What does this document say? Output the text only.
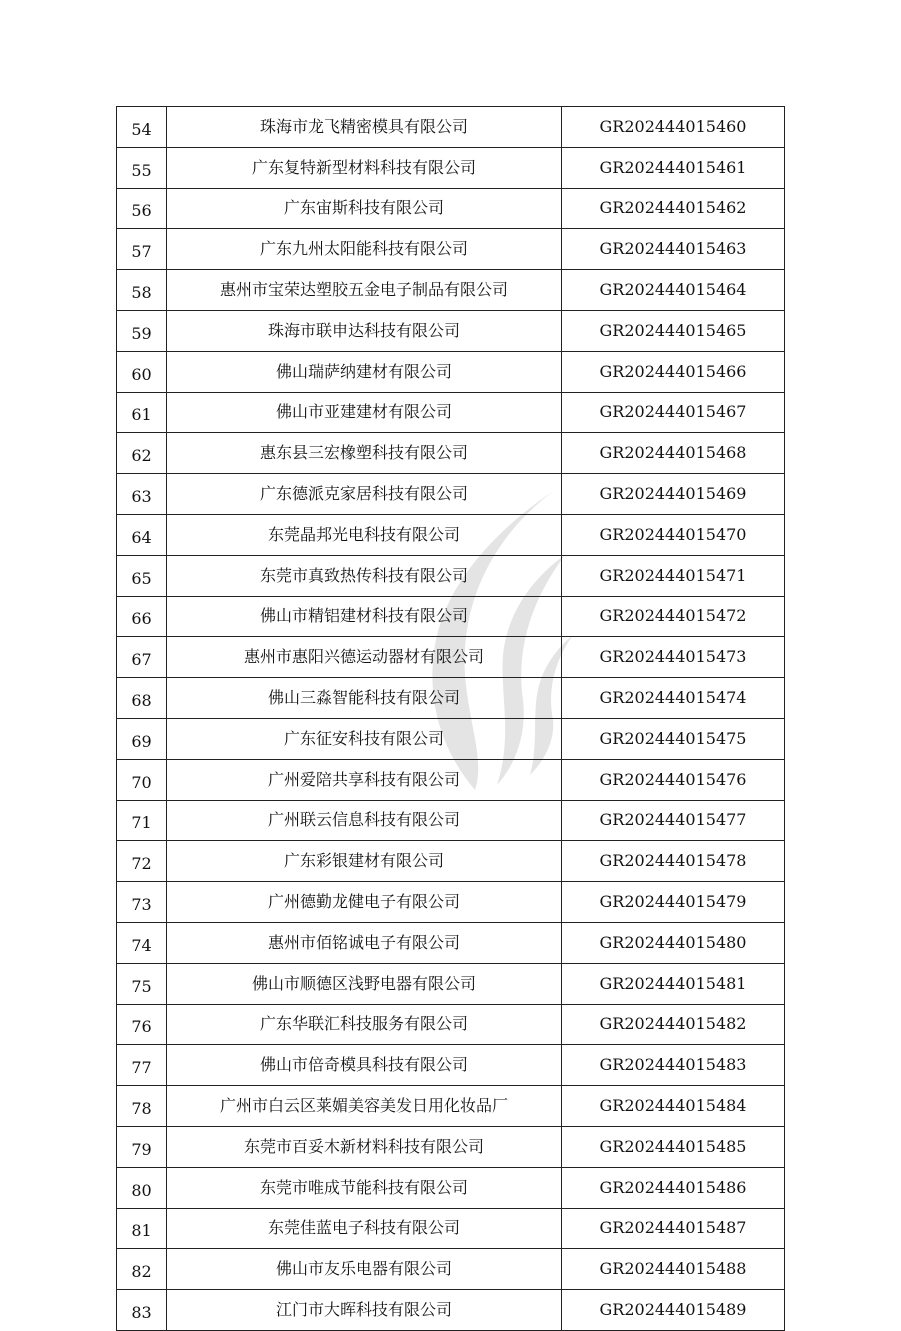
54	珠海市龙飞精密模具有限公司	GR202444015460
55	广东复特新型材料科技有限公司	GR202444015461
56	广东宙斯科技有限公司	GR202444015462
57	广东九州太阳能科技有限公司	GR202444015463
58	惠州市宝荣达塑胶五金电子制品有限公司	GR202444015464
59	珠海市联申达科技有限公司	GR202444015465
60	佛山瑞萨纳建材有限公司	GR202444015466
61	佛山市亚建建材有限公司	GR202444015467
62	惠东县三宏橡塑科技有限公司	GR202444015468
63	广东德派克家居科技有限公司	GR202444015469
64	东莞晶邦光电科技有限公司	GR202444015470
65	东莞市真致热传科技有限公司	GR202444015471
66	佛山市精铝建材科技有限公司	GR202444015472
67	惠州市惠阳兴德运动器材有限公司	GR202444015473
68	佛山三淼智能科技有限公司	GR202444015474
69	广东征安科技有限公司	GR202444015475
70	广州爱陪共享科技有限公司	GR202444015476
71	广州联云信息科技有限公司	GR202444015477
72	广东彩银建材有限公司	GR202444015478
73	广州德勤龙健电子有限公司	GR202444015479
74	惠州市佰铭诚电子有限公司	GR202444015480
75	佛山市顺德区浅野电器有限公司	GR202444015481
76	广东华联汇科技服务有限公司	GR202444015482
77	佛山市倍奇模具科技有限公司	GR202444015483
78	广州市白云区莱媚美容美发日用化妆品厂	GR202444015484
79	东莞市百妥木新材料科技有限公司	GR202444015485
80	东莞市唯成节能科技有限公司	GR202444015486
81	东莞佳蓝电子科技有限公司	GR202444015487
82	佛山市友乐电器有限公司	GR202444015488
83	江门市大晖科技有限公司	GR202444015489
